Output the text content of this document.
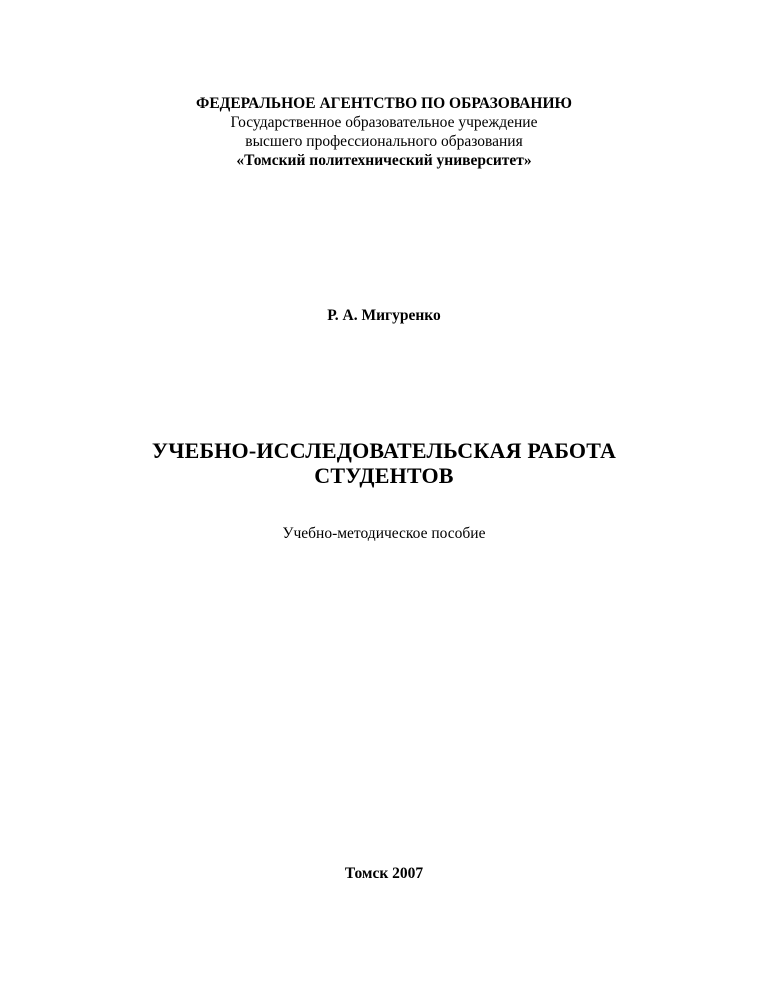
ФЕДЕРАЛЬНОЕ АГЕНТСТВО ПО ОБРАЗОВАНИЮ
Государственное образовательное учреждение
высшего профессионального образования
«Томский политехнический университет»
Р. А. Мигуренко
УЧЕБНО-ИССЛЕДОВАТЕЛЬСКАЯ РАБОТА
СТУДЕНТОВ
Учебно-методическое пособие
Томск 2007
